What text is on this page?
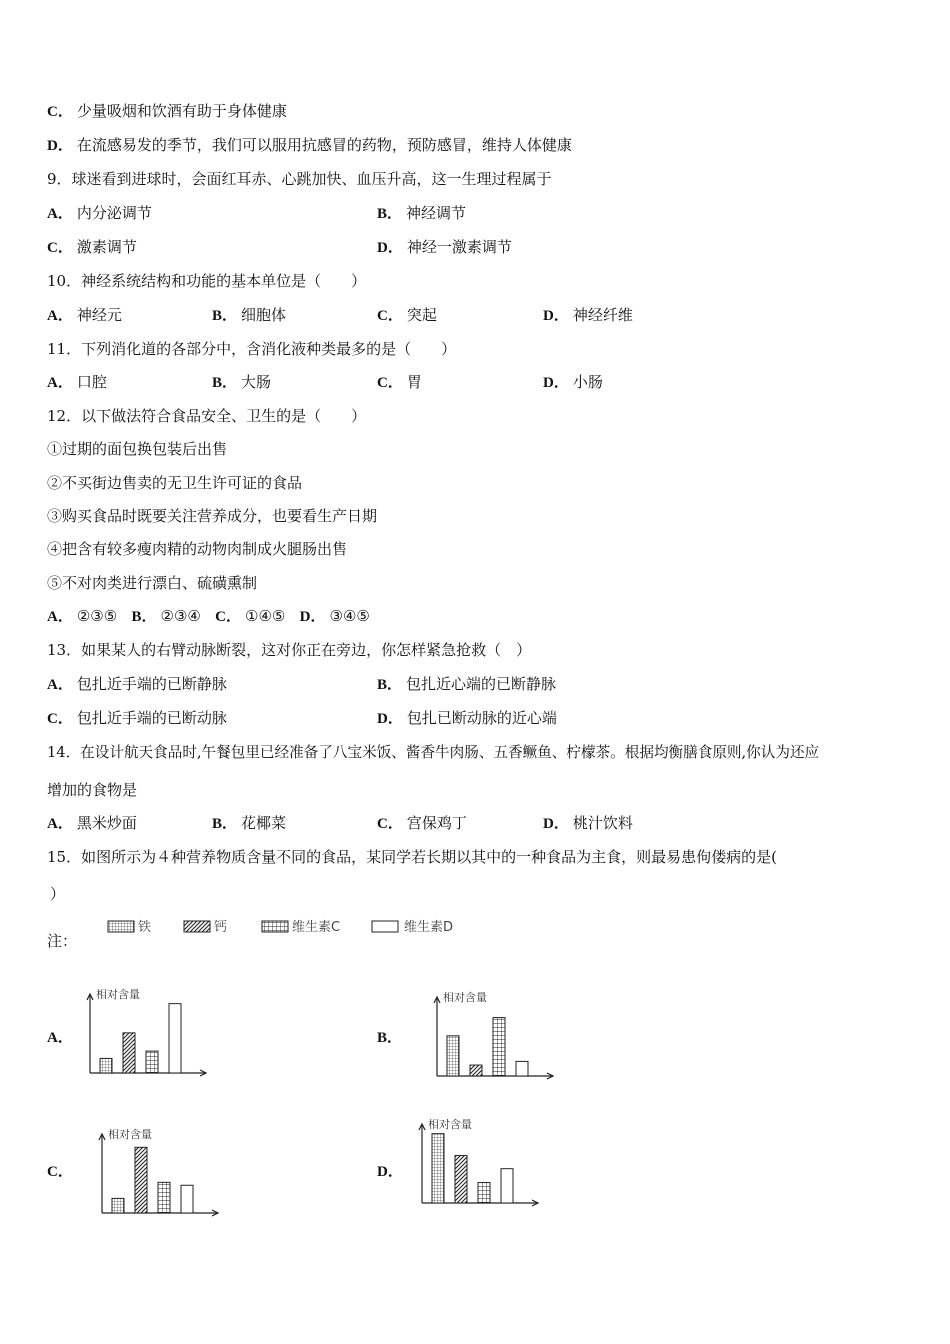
C． 少量吸烟和饮酒有助于身体健康
D． 在流感易发的季节，我们可以服用抗感冒的药物，预防感冒，维持人体健康
9．球迷看到进球时，会面红耳赤、心跳加快、血压升高，这一生理过程属于
A． 内分泌调节	B． 神经调节
C． 激素调节	D． 神经一激素调节
10．神经系统结构和功能的基本单位是（　　）
A． 神经元	B． 细胞体	C． 突起	D． 神经纤维
11．下列消化道的各部分中，含消化液种类最多的是（　　）
A． 口腔	B． 大肠	C． 胃	D． 小肠
12．以下做法符合食品安全、卫生的是（　　）
①过期的面包换包装后出售
②不买街边售卖的无卫生许可证的食品
③购买食品时既要关注营养成分，也要看生产日期
④把含有较多瘦肉精的动物肉制成火腿肠出售
⑤不对肉类进行漂白、硫磺熏制
A． ②③⑤ B． ②③④ C． ①④⑤ D． ③④⑤
13．如果某人的右臂动脉断裂，这对你正在旁边，你怎样紧急抢救（　）
A． 包扎近手端的已断静脉	B． 包扎近心端的已断静脉
C． 包扎近手端的已断动脉	D． 包扎已断动脉的近心端
14．在设计航天食品时,午餐包里已经准备了八宝米饭、酱香牛肉肠、五香鳜鱼、柠檬茶。根据均衡膳食原则,你认为还应
增加的食物是
A． 黑米炒面	B． 花椰菜	C． 宫保鸡丁	D． 桃汁饮料
15．如图所示为４种营养物质含量不同的食品，某同学若长期以其中的一种食品为主食，则最易患佝偻病的是(
）
注：
铁	钙	维生素C	维生素D
A．	B．
C．	D．
相对含量	相对含量
相对含量
相对含量
